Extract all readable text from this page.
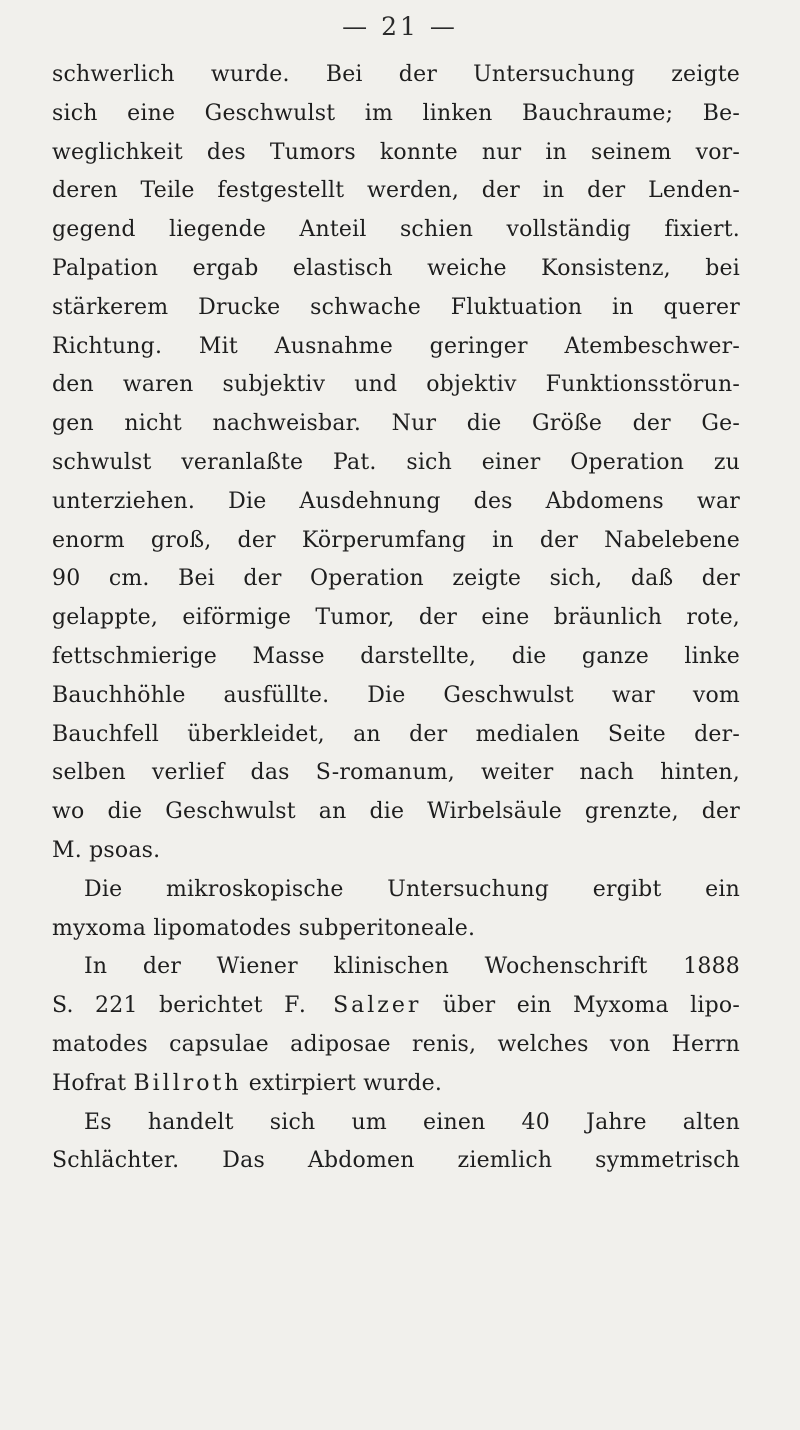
— 21 —
schwerlich wurde. Bei der Untersuchung zeigte
sich eine Geschwulst im linken Bauchraume; Be-
weglichkeit des Tumors konnte nur in seinem vor-
deren Teile festgestellt werden, der in der Lenden-
gegend liegende Anteil schien vollständig fixiert.
Palpation ergab elastisch weiche Konsistenz, bei
stärkerem Drucke schwache Fluktuation in querer
Richtung. Mit Ausnahme geringer Atembeschwer-
den waren subjektiv und objektiv Funktionsstörun-
gen nicht nachweisbar. Nur die Größe der Ge-
schwulst veranlaßte Pat. sich einer Operation zu
unterziehen. Die Ausdehnung des Abdomens war
enorm groß, der Körperumfang in der Nabelebene
90 cm. Bei der Operation zeigte sich, daß der
gelappte, eiförmige Tumor, der eine bräunlich rote,
fettschmierige Masse darstellte, die ganze linke
Bauchhöhle ausfüllte. Die Geschwulst war vom
Bauchfell überkleidet, an der medialen Seite der-
selben verlief das S-romanum, weiter nach hinten,
wo die Geschwulst an die Wirbelsäule grenzte, der
M. psoas.
Die mikroskopische Untersuchung ergibt ein
myxoma lipomatodes subperitoneale.
In der Wiener klinischen Wochenschrift 1888
S. 221 berichtet F. Salzer über ein Myxoma lipo-
matodes capsulae adiposae renis, welches von Herrn
Hofrat Billroth extirpiert wurde.
Es handelt sich um einen 40 Jahre alten
Schlächter. Das Abdomen ziemlich symmetrisch
